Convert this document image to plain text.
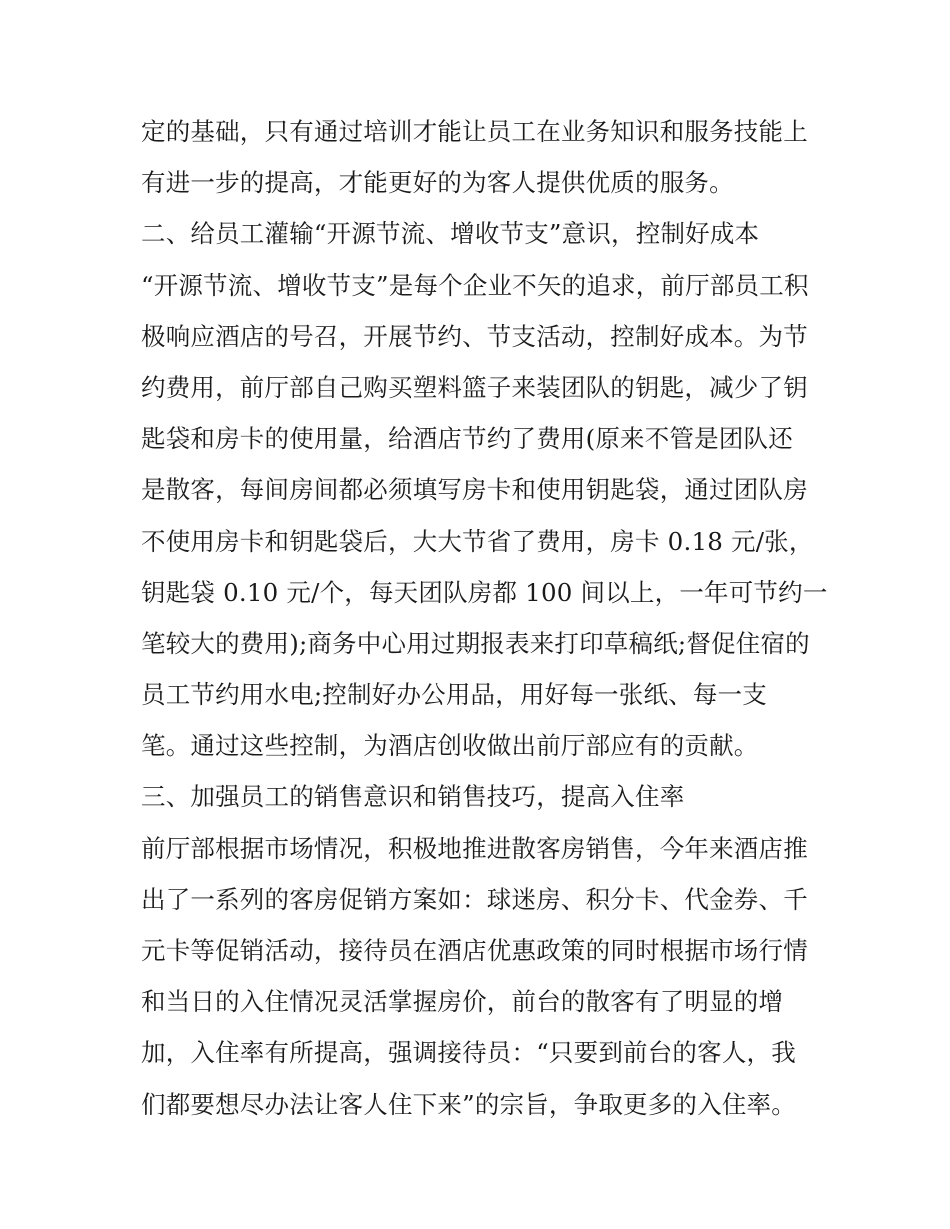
定的基础，只有通过培训才能让员工在业务知识和服务技能上
有进一步的提高，才能更好的为客人提供优质的服务。
二、给员工灌输“开源节流、增收节支”意识，控制好成本
“开源节流、增收节支”是每个企业不矢的追求，前厅部员工积
极响应酒店的号召，开展节约、节支活动，控制好成本。为节
约费用，前厅部自己购买塑料篮子来装团队的钥匙，减少了钥
匙袋和房卡的使用量，给酒店节约了费用(原来不管是团队还
是散客，每间房间都必须填写房卡和使用钥匙袋，通过团队房
不使用房卡和钥匙袋后，大大节省了费用，房卡 0.18 元/张，
钥匙袋 0.10 元/个，每天团队房都 100 间以上，一年可节约一
笔较大的费用);商务中心用过期报表来打印草稿纸;督促住宿的
员工节约用水电;控制好办公用品，用好每一张纸、每一支
笔。通过这些控制，为酒店创收做出前厅部应有的贡献。
三、加强员工的销售意识和销售技巧，提高入住率
前厅部根据市场情况，积极地推进散客房销售，今年来酒店推
出了一系列的客房促销方案如：球迷房、积分卡、代金券、千
元卡等促销活动，接待员在酒店优惠政策的同时根据市场行情
和当日的入住情况灵活掌握房价，前台的散客有了明显的增
加，入住率有所提高，强调接待员：“只要到前台的客人，我
们都要想尽办法让客人住下来”的宗旨，争取更多的入住率。
